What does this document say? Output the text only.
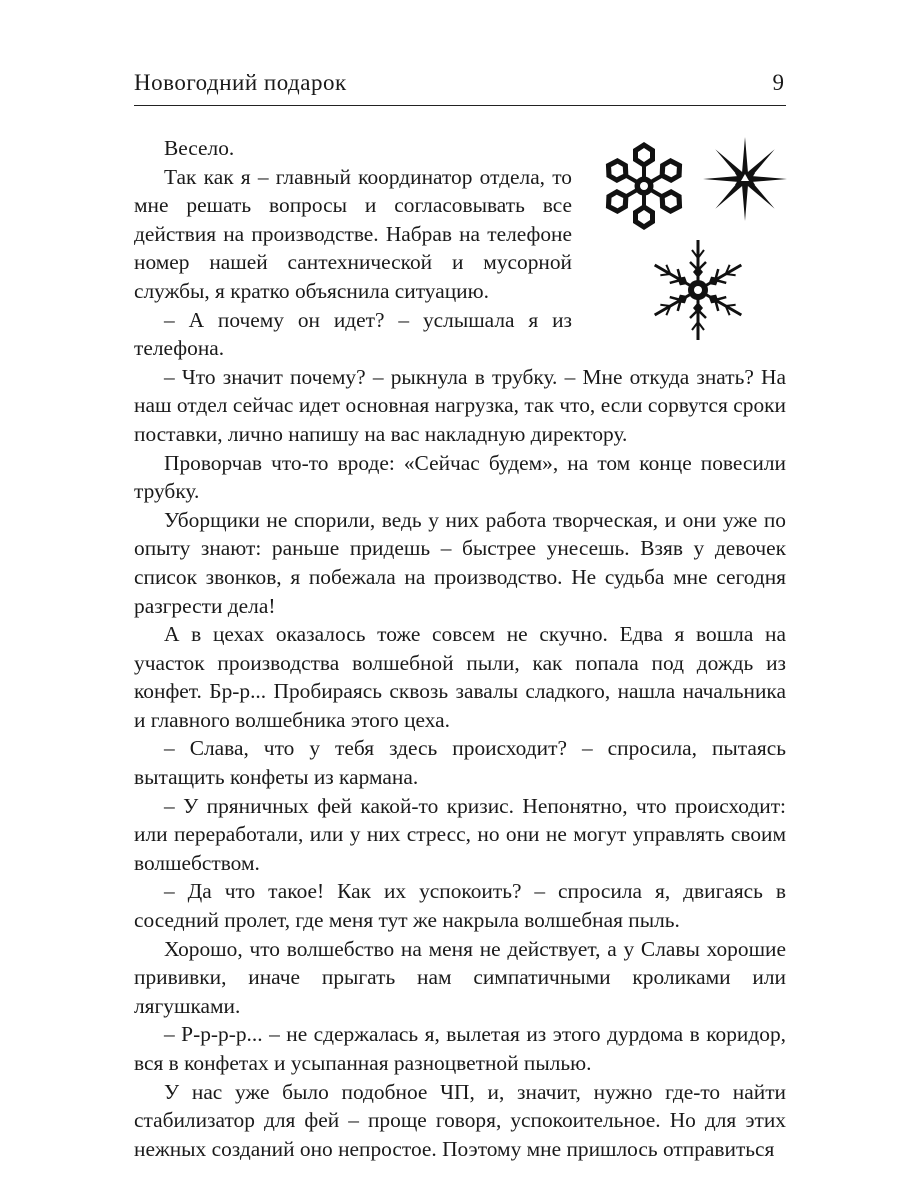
Новогодний подарок	9

Весело.

Так как я – главный координатор отдела, то мне решать вопросы и согласовывать все действия на производстве. Набрав на телефоне номер нашей сантехнической и мусорной службы, я кратко объяснила ситуацию.

– А почему он идет? – услышала я из телефона.

– Что значит почему? – рыкнула в трубку. – Мне откуда знать? На наш отдел сейчас идет основная нагрузка, так что, если сорвутся сроки поставки, лично напишу на вас накладную директору.

Проворчав что-то вроде: «Сейчас будем», на том конце повесили трубку.

Уборщики не спорили, ведь у них работа творческая, и они уже по опыту знают: раньше придешь – быстрее унесешь. Взяв у девочек список звонков, я побежала на производство. Не судьба мне сегодня разгрести дела!

А в цехах оказалось тоже совсем не скучно. Едва я вошла на участок производства волшебной пыли, как попала под дождь из конфет. Бр-р... Пробираясь сквозь завалы сладкого, нашла начальника и главного волшебника этого цеха.

– Слава, что у тебя здесь происходит? – спросила, пытаясь вытащить конфеты из кармана.

– У пряничных фей какой-то кризис. Непонятно, что происходит: или переработали, или у них стресс, но они не могут управлять своим волшебством.

– Да что такое! Как их успокоить? – спросила я, двигаясь в соседний пролет, где меня тут же накрыла волшебная пыль.

Хорошо, что волшебство на меня не действует, а у Славы хорошие прививки, иначе прыгать нам симпатичными кроликами или лягушками.

– Р-р-р-р... – не сдержалась я, вылетая из этого дурдома в коридор, вся в конфетах и усыпанная разноцветной пылью.

У нас уже было подобное ЧП, и, значит, нужно где-то найти стабилизатор для фей – проще говоря, успокоительное. Но для этих нежных созданий оно непростое. Поэтому мне пришлось отправиться
